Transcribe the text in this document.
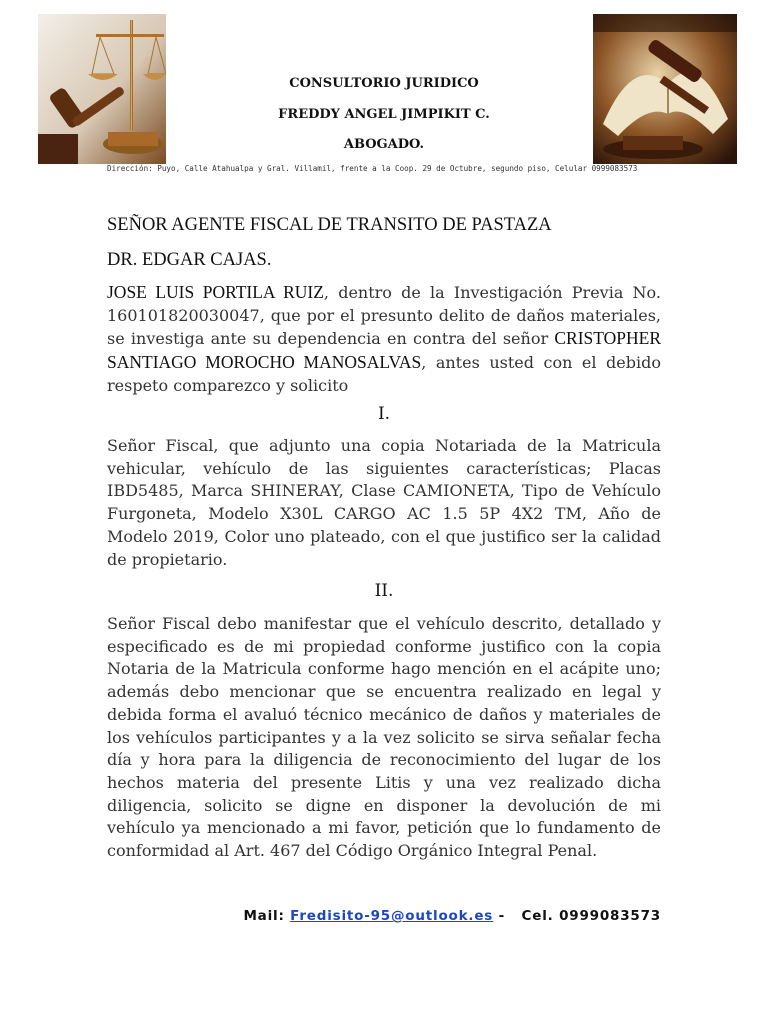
CONSULTORIO JURIDICO
FREDDY ANGEL JIMPIKIT C.
ABOGADO.
Dirección: Puyo, Calle Atahualpa y Gral. Villamil, frente a la Coop. 29 de Octubre, segundo piso, Celular 0999083573
SEÑOR AGENTE FISCAL DE TRANSITO DE PASTAZA
DR. EDGAR CAJAS.
JOSE LUIS PORTILA RUIZ, dentro de la Investigación Previa No. 160101820030047, que por el presunto delito de daños materiales, se investiga ante su dependencia en contra del señor CRISTOPHER SANTIAGO MOROCHO MANOSALVAS, antes usted con el debido respeto comparezco y solicito
I.
Señor Fiscal, que adjunto una copia Notariada de la Matricula vehicular, vehículo de las siguientes características; Placas IBD5485, Marca SHINERAY, Clase CAMIONETA, Tipo de Vehículo Furgoneta, Modelo X30L CARGO AC 1.5 5P 4X2 TM, Año de Modelo 2019, Color uno plateado, con el que justifico ser la calidad de propietario.
II.
Señor Fiscal debo manifestar que el vehículo descrito, detallado y especificado es de mi propiedad conforme justifico con la copia Notaria de la Matricula conforme hago mención en el acápite uno; además debo mencionar que se encuentra realizado en legal y debida forma el avaluó técnico mecánico de daños y materiales de los vehículos participantes y a la vez solicito se sirva señalar fecha día y hora para la diligencia de reconocimiento del lugar de los hechos materia del presente Litis y una vez realizado dicha diligencia, solicito se digne en disponer la devolución de mi vehículo ya mencionado a mi favor, petición que lo fundamento de conformidad al Art. 467 del Código Orgánico Integral Penal.
Mail: Fredisito-95@outlook.es - Cel. 0999083573
